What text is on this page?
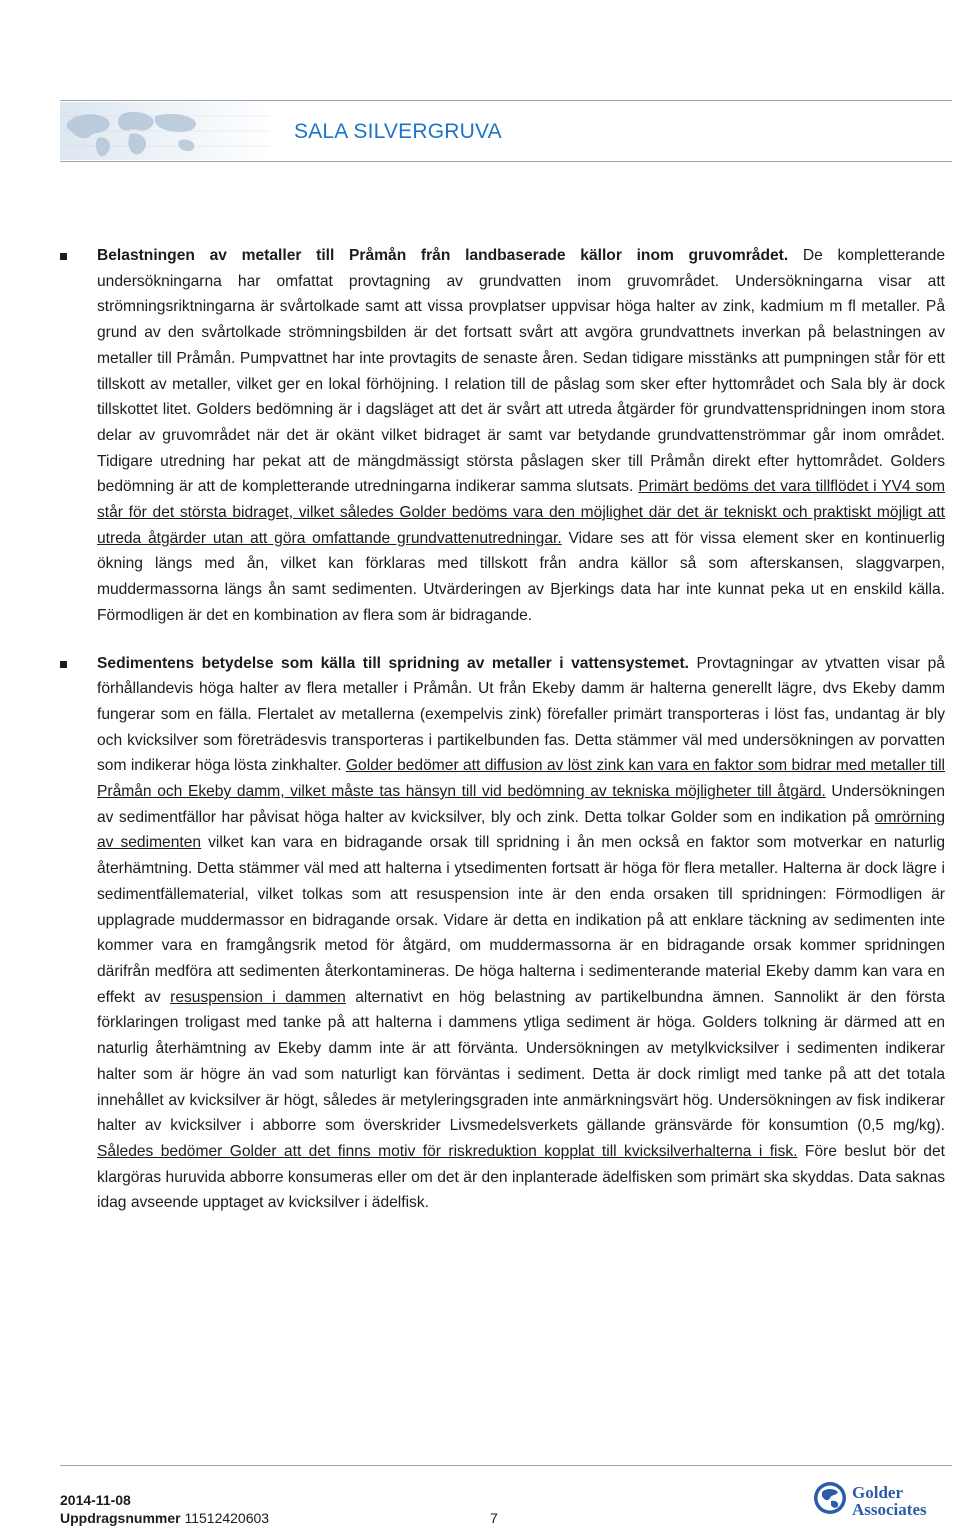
SALA SILVERGRUVA
Belastningen av metaller till Pråmån från landbaserade källor inom gruvområdet. De kompletterande undersökningarna har omfattat provtagning av grundvatten inom gruvområdet. Undersökningarna visar att strömningsriktningarna är svårtolkade samt att vissa provplatser uppvisar höga halter av zink, kadmium m fl metaller. På grund av den svårtolkade strömningsbilden är det fortsatt svårt att avgöra grundvattnets inverkan på belastningen av metaller till Pråmån. Pumpvattnet har inte provtagits de senaste åren. Sedan tidigare misstänks att pumpningen står för ett tillskott av metaller, vilket ger en lokal förhöjning. I relation till de påslag som sker efter hyttområdet och Sala bly är dock tillskottet litet. Golders bedömning är i dagsläget att det är svårt att utreda åtgärder för grundvattenspridningen inom stora delar av gruvområdet när det är okänt vilket bidraget är samt var betydande grundvattenströmmar går inom området. Tidigare utredning har pekat att de mängdmässigt största påslagen sker till Pråmån direkt efter hyttområdet. Golders bedömning är att de kompletterande utredningarna indikerar samma slutsats. Primärt bedöms det vara tillflödet i YV4 som står för det största bidraget, vilket således Golder bedöms vara den möjlighet där det är tekniskt och praktiskt möjligt att utreda åtgärder utan att göra omfattande grundvattenutredningar. Vidare ses att för vissa element sker en kontinuerlig ökning längs med ån, vilket kan förklaras med tillskott från andra källor så som afterskansen, slaggvarpen, muddermassorna längs ån samt sedimenten. Utvärderingen av Bjerkings data har inte kunnat peka ut en enskild källa. Förmodligen är det en kombination av flera som är bidragande.
Sedimentens betydelse som källa till spridning av metaller i vattensystemet. Provtagningar av ytvatten visar på förhållandevis höga halter av flera metaller i Pråmån. Ut från Ekeby damm är halterna generellt lägre, dvs Ekeby damm fungerar som en fälla. Flertalet av metallerna (exempelvis zink) förefaller primärt transporteras i löst fas, undantag är bly och kvicksilver som företrädesvis transporteras i partikelbunden fas. Detta stämmer väl med undersökningen av porvatten som indikerar höga lösta zinkhalter. Golder bedömer att diffusion av löst zink kan vara en faktor som bidrar med metaller till Pråmån och Ekeby damm, vilket måste tas hänsyn till vid bedömning av tekniska möjligheter till åtgärd. Undersökningen av sedimentfällor har påvisat höga halter av kvicksilver, bly och zink. Detta tolkar Golder som en indikation på omrörning av sedimenten vilket kan vara en bidragande orsak till spridning i ån men också en faktor som motverkar en naturlig återhämtning. Detta stämmer väl med att halterna i ytsedimenten fortsatt är höga för flera metaller. Halterna är dock lägre i sedimentfällematerial, vilket tolkas som att resuspension inte är den enda orsaken till spridningen: Förmodligen är upplagrade muddermassor en bidragande orsak. Vidare är detta en indikation på att enklare täckning av sedimenten inte kommer vara en framgångsrik metod för åtgärd, om muddermassorna är en bidragande orsak kommer spridningen därifrån medföra att sedimenten återkontamineras. De höga halterna i sedimenterande material Ekeby damm kan vara en effekt av resuspension i dammen alternativt en hög belastning av partikelbundna ämnen. Sannolikt är den första förklaringen troligast med tanke på att halterna i dammens ytliga sediment är höga. Golders tolkning är därmed att en naturlig återhämtning av Ekeby damm inte är att förvänta. Undersökningen av metylkvicksilver i sedimenten indikerar halter som är högre än vad som naturligt kan förväntas i sediment. Detta är dock rimligt med tanke på att det totala innehållet av kvicksilver är högt, således är metyleringsgraden inte anmärkningsvärt hög. Undersökningen av fisk indikerar halter av kvicksilver i abborre som överskrider Livsmedelsverkets gällande gränsvärde för konsumtion (0,5 mg/kg). Således bedömer Golder att det finns motiv för riskreduktion kopplat till kvicksilverhalterna i fisk. Före beslut bör det klargöras huruvida abborre konsumeras eller om det är den inplanterade ädelfisken som primärt ska skyddas. Data saknas idag avseende upptaget av kvicksilver i ädelfisk.
2014-11-08
Uppdragsnummer 11512420603	7
Golder
Associates
